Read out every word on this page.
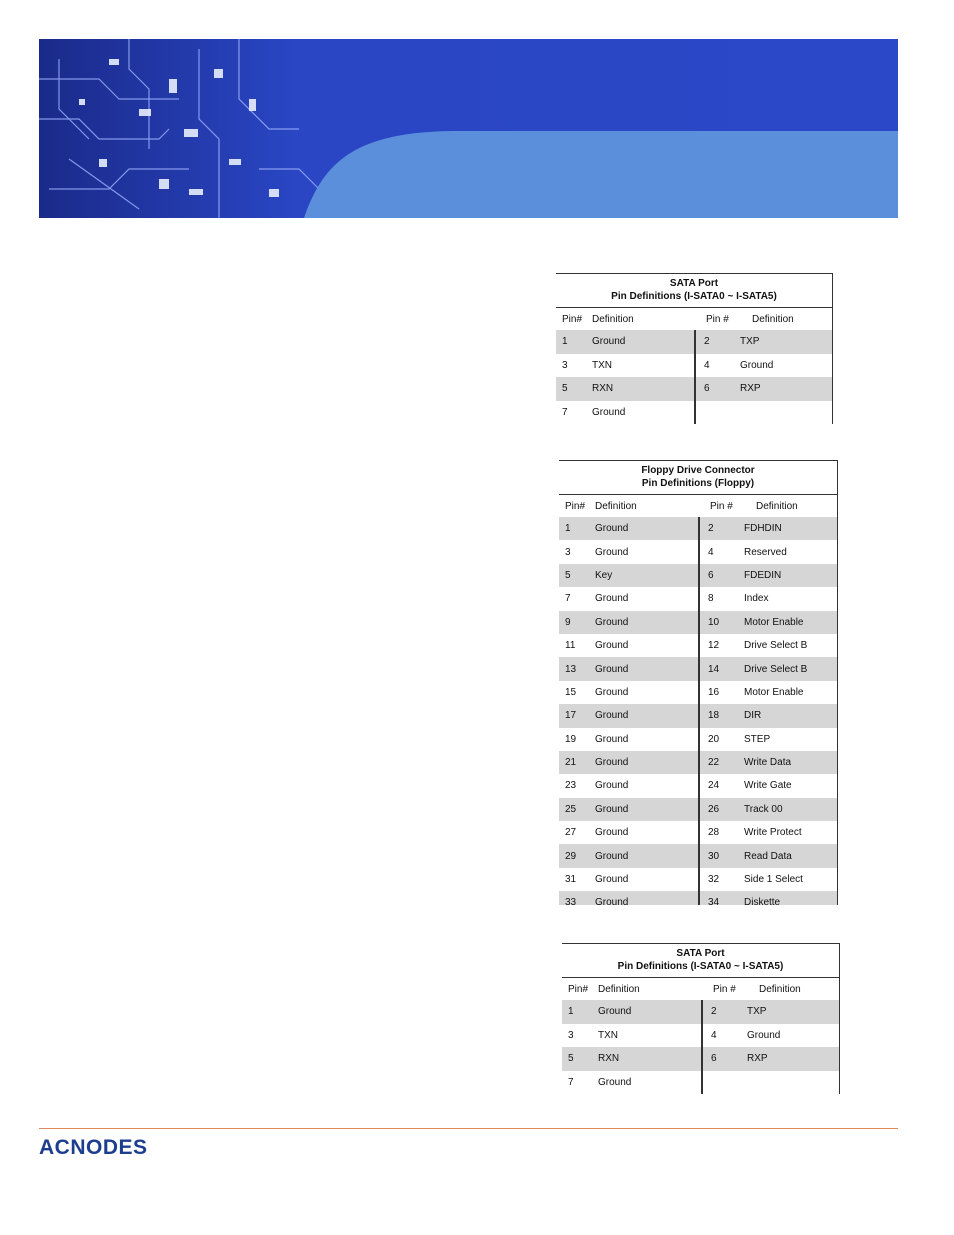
SATA Port
Pin Definitions (I-SATA0 ~ I-SATA5)
Pin# Definition	Pin #	Definition
1	Ground	2	TXP
3	TXN	4	Ground
5	RXN	6	RXP
7	Ground
Floppy Drive Connector
Pin Definitions (Floppy)
Pin# Definition	Pin #	Definition
1	Ground	2	FDHDIN
3	Ground	4	Reserved
5	Key	6	FDEDIN
7	Ground	8	Index
9	Ground	10	Motor Enable
11	Ground	12	Drive Select B
13	Ground	14	Drive Select B
15	Ground	16	Motor Enable
17	Ground	18	DIR
19	Ground	20	STEP
21	Ground	22	Write Data
23	Ground	24	Write Gate
25	Ground	26	Track 00
27	Ground	28	Write Protect
29	Ground	30	Read Data
31	Ground	32	Side 1 Select
33	Ground	34	Diskette
SATA Port
Pin Definitions (I-SATA0 ~ I-SATA5)
Pin# Definition	Pin #	Definition
1	Ground	2	TXP
3	TXN	4	Ground
5	RXN	6	RXP
7	Ground
ACNODES
